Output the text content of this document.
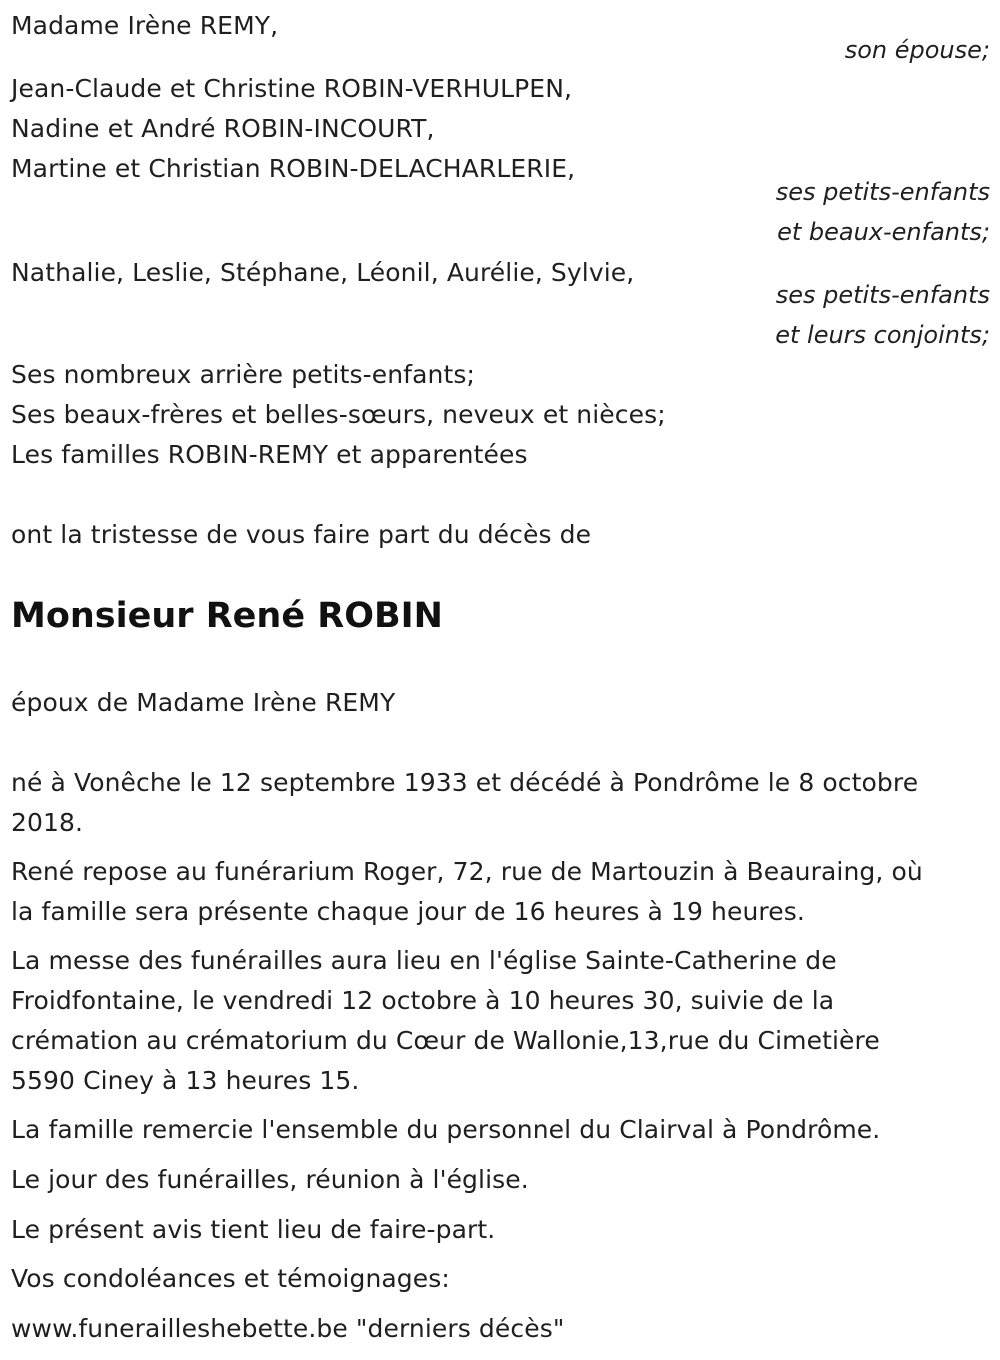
Madame Irène REMY,
son épouse;
Jean-Claude et Christine ROBIN-VERHULPEN,
Nadine et André ROBIN-INCOURT,
Martine et Christian ROBIN-DELACHARLERIE,
ses petits-enfants
et beaux-enfants;
Nathalie, Leslie, Stéphane, Léonil, Aurélie, Sylvie,
ses petits-enfants
et leurs conjoints;
Ses nombreux arrière petits-enfants;
Ses beaux-frères et belles-sœurs, neveux et nièces;
Les familles ROBIN-REMY et apparentées
ont la tristesse de vous faire part du décès de
Monsieur René ROBIN
époux de Madame Irène REMY
né à Vonêche le 12 septembre 1933 et décédé à Pondrôme le 8 octobre
2018.
René repose au funérarium Roger, 72, rue de Martouzin à Beauraing, où
la famille sera présente chaque jour de 16 heures à 19 heures.
La messe des funérailles aura lieu en l'église Sainte-Catherine de
Froidfontaine, le vendredi 12 octobre à 10 heures 30, suivie de la
crémation au crématorium du Cœur de Wallonie,13,rue du Cimetière
5590 Ciney à 13 heures 15.
La famille remercie l'ensemble du personnel du Clairval à Pondrôme.
Le jour des funérailles, réunion à l'église.
Le présent avis tient lieu de faire-part.
Vos condoléances et témoignages:
www.funerailleshebette.be "derniers décès"
